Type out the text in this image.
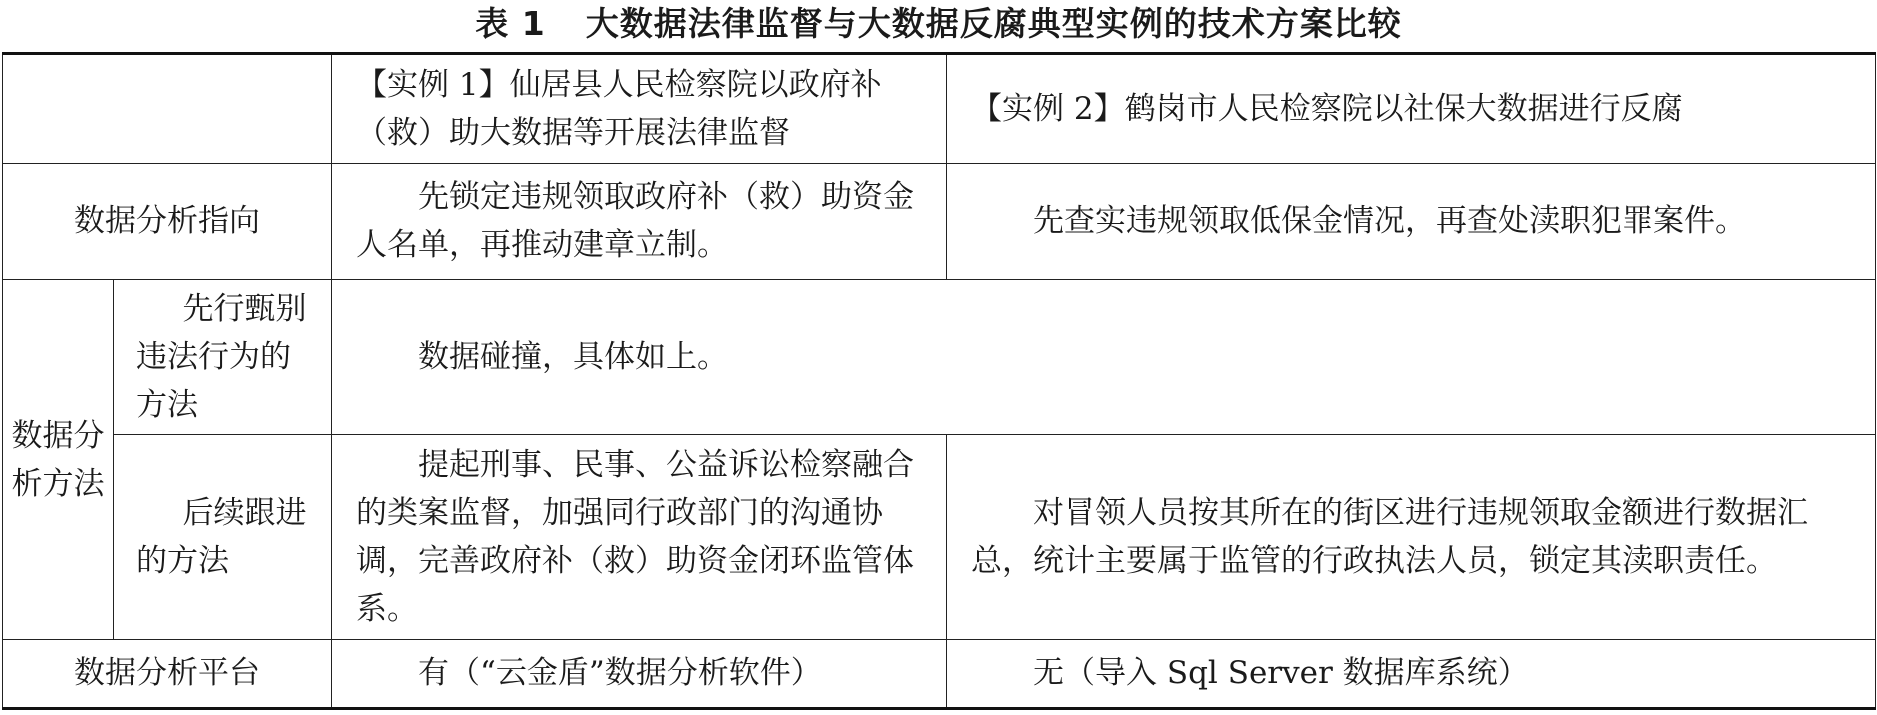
表 1 大数据法律监督与大数据反腐典型实例的技术方案比较
		【实例 1】仙居县人民检察院以政府补（救）助大数据等开展法律监督	【实例 2】鹤岗市人民检察院以社保大数据进行反腐
数据分析指向		先锁定违规领取政府补（救）助资金人名单，再推动建章立制。	先查实违规领取低保金情况，再查处渎职犯罪案件。
数据分析方法	先行甄别违法行为的方法	数据碰撞，具体如上。	
	后续跟进的方法	提起刑事、民事、公益诉讼检察融合的类案监督，加强同行政部门的沟通协调，完善政府补（救）助资金闭环监管体系。	对冒领人员按其所在的街区进行违规领取金额进行数据汇总，统计主要属于监管的行政执法人员，锁定其渎职责任。
数据分析平台		有（“云金盾”数据分析软件）	无（导入 Sql Server 数据库系统）
